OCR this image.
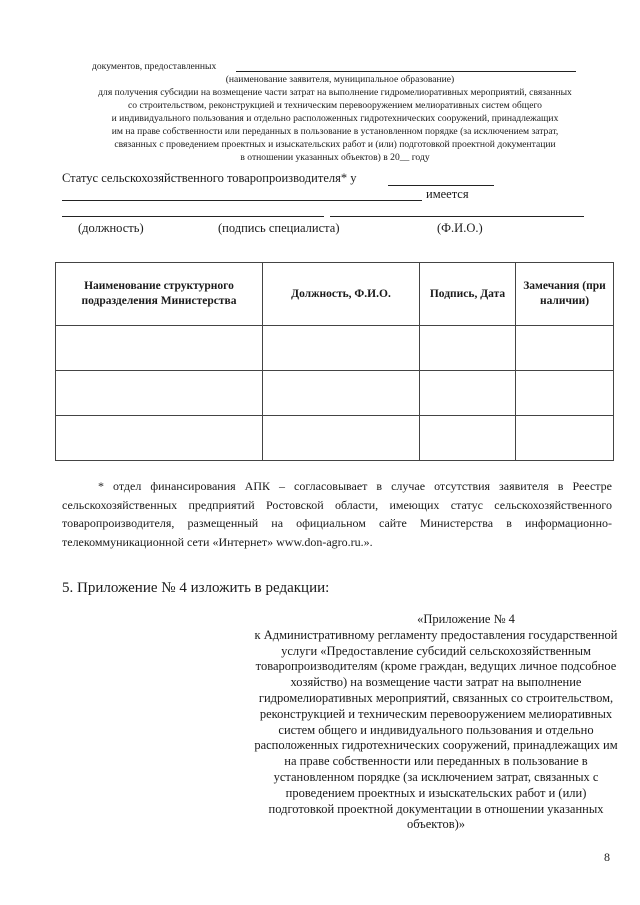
документов, предоставленных
(наименование заявителя, муниципальное образование)
для получения субсидии на возмещение части затрат на выполнение гидромелиоративных мероприятий, связанных
со строительством, реконструкцией и техническим перевооружением мелиоративных систем общего
и индивидуального пользования и отдельно расположенных гидротехнических сооружений, принадлежащих
им на праве собственности или переданных в пользование в установленном порядке (за исключением затрат,
связанных с проведением проектных и изыскательских работ и (или) подготовкой проектной документации
в отношении указанных объектов) в 20__ году
Статус сельскохозяйственного товаропроизводителя* у
имеется
(должность)	(подпись специалиста)	(Ф.И.О.)
Наименование структурного подразделения Министерства	Должность, Ф.И.О.	Подпись, Дата	Замечания (при наличии)

* отдел финансирования АПК – согласовывает в случае отсутствия заявителя в Реестре сельскохозяйственных предприятий Ростовской области, имеющих статус сельскохозяйственного товаропроизводителя, размещенный на официальном сайте Министерства в информационно-телекоммуникационной сети «Интернет» www.don-agro.ru.».
5. Приложение № 4 изложить в редакции:
«Приложение № 4
к Административному регламенту предоставления государственной услуги «Предоставление субсидий сельскохозяйственным товаропроизводителям (кроме граждан, ведущих личное подсобное хозяйство) на возмещение части затрат на выполнение гидромелиоративных мероприятий, связанных со строительством, реконструкцией и техническим перевооружением мелиоративных систем общего и индивидуального пользования и отдельно расположенных гидротехнических сооружений, принадлежащих им на праве собственности или переданных в пользование в установленном порядке (за исключением затрат, связанных с проведением проектных и изыскательских работ и (или) подготовкой проектной документации в отношении указанных объектов)»
8
